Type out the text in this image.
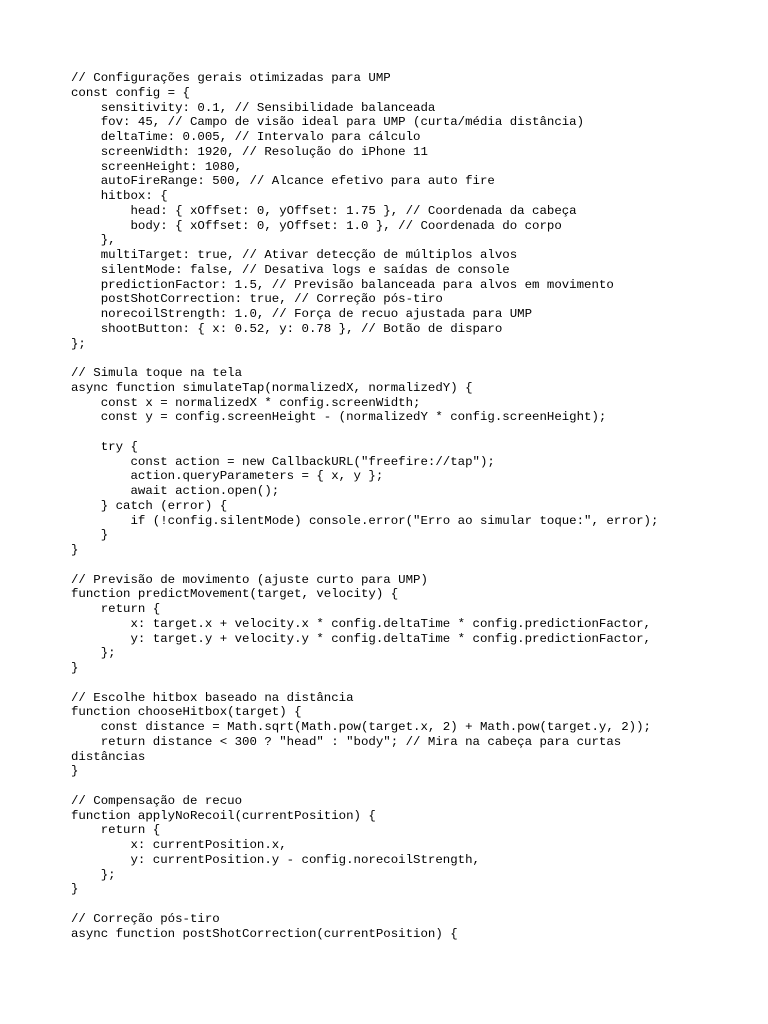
// Configurações gerais otimizadas para UMP
const config = {
sensitivity: 0.1, // Sensibilidade balanceada
fov: 45, // Campo de visão ideal para UMP (curta/média distância)
deltaTime: 0.005, // Intervalo para cálculo
screenWidth: 1920, // Resolução do iPhone 11
screenHeight: 1080,
autoFireRange: 500, // Alcance efetivo para auto fire
hitbox: {
head: { xOffset: 0, yOffset: 1.75 }, // Coordenada da cabeça
body: { xOffset: 0, yOffset: 1.0 }, // Coordenada do corpo
},
multiTarget: true, // Ativar detecção de múltiplos alvos
silentMode: false, // Desativa logs e saídas de console
predictionFactor: 1.5, // Previsão balanceada para alvos em movimento
postShotCorrection: true, // Correção pós-tiro
norecoilStrength: 1.0, // Força de recuo ajustada para UMP
shootButton: { x: 0.52, y: 0.78 }, // Botão de disparo
};
// Simula toque na tela
async function simulateTap(normalizedX, normalizedY) {
const x = normalizedX * config.screenWidth;
const y = config.screenHeight - (normalizedY * config.screenHeight);
try {
const action = new CallbackURL("freefire://tap");
action.queryParameters = { x, y };
await action.open();
} catch (error) {
if (!config.silentMode) console.error("Erro ao simular toque:", error);
}
}
// Previsão de movimento (ajuste curto para UMP)
function predictMovement(target, velocity) {
return {
x: target.x + velocity.x * config.deltaTime * config.predictionFactor,
y: target.y + velocity.y * config.deltaTime * config.predictionFactor,
};
}
// Escolhe hitbox baseado na distância
function chooseHitbox(target) {
const distance = Math.sqrt(Math.pow(target.x, 2) + Math.pow(target.y, 2));
return distance < 300 ? "head" : "body"; // Mira na cabeça para curtas
distâncias
}
// Compensação de recuo
function applyNoRecoil(currentPosition) {
return {
x: currentPosition.x,
y: currentPosition.y - config.norecoilStrength,
};
}
// Correção pós-tiro
async function postShotCorrection(currentPosition) {
